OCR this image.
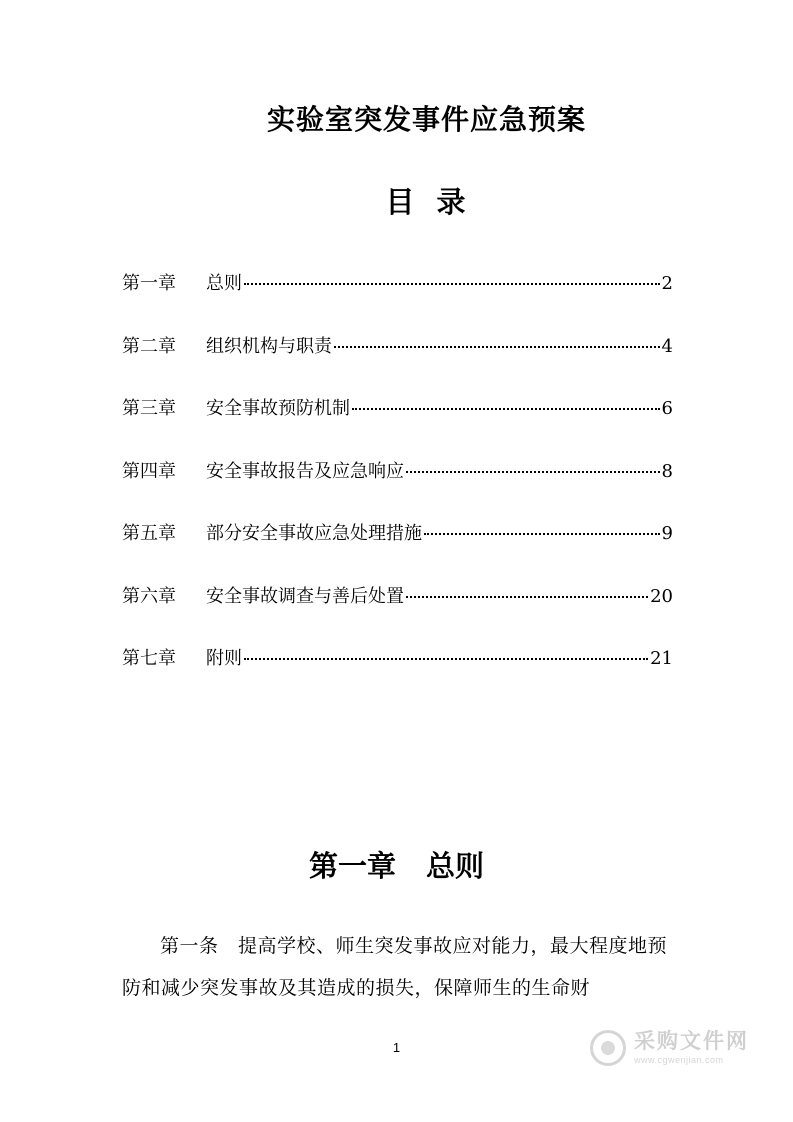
实验室突发事件应急预案
目 录
第一章	总则	2
第二章	组织机构与职责	4
第三章	安全事故预防机制	6
第四章	安全事故报告及应急响应	8
第五章	部分安全事故应急处理措施	9
第六章	安全事故调查与善后处置	20
第七章	附则	21
第一章 总则

第一条　提高学校、师生突发事故应对能力，最大程度地预防和减少突发事故及其造成的损失，保障师生的生命财

1	采购文件网
www.cgwenjian.com
